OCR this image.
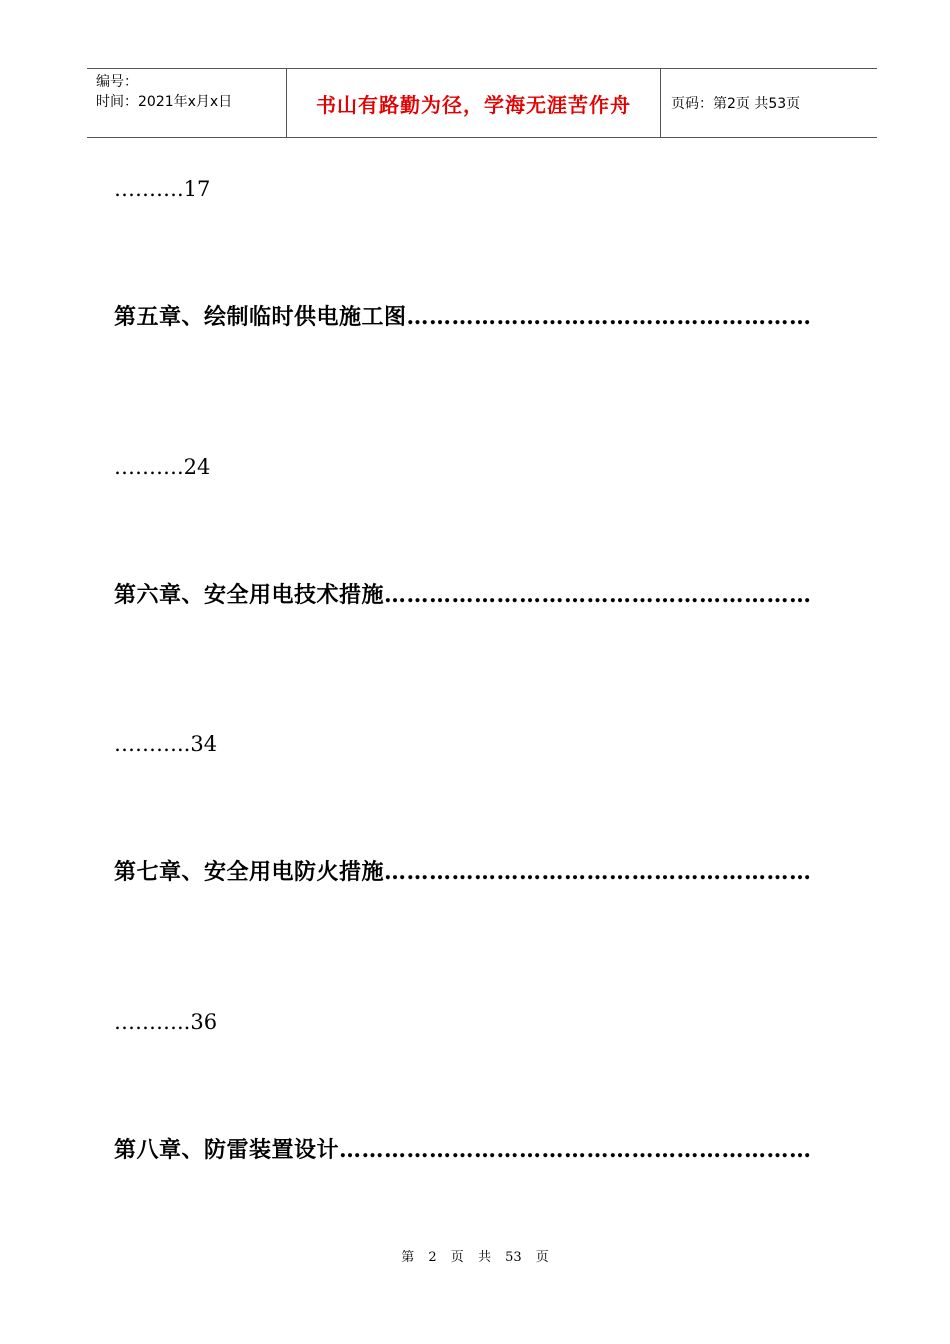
编号：
时间：2021年x月x日	书山有路勤为径，学海无涯苦作舟	页码：第2页 共53页
……….17
第五章、绘制临时供电施工图………………………………………………
……….24
第六章、安全用电技术措施…………………………………………………
………..34
第七章、安全用电防火措施…………………………………………………
………..36
第八章、防雷装置设计………………………………………………………
第 2 页 共 53 页
